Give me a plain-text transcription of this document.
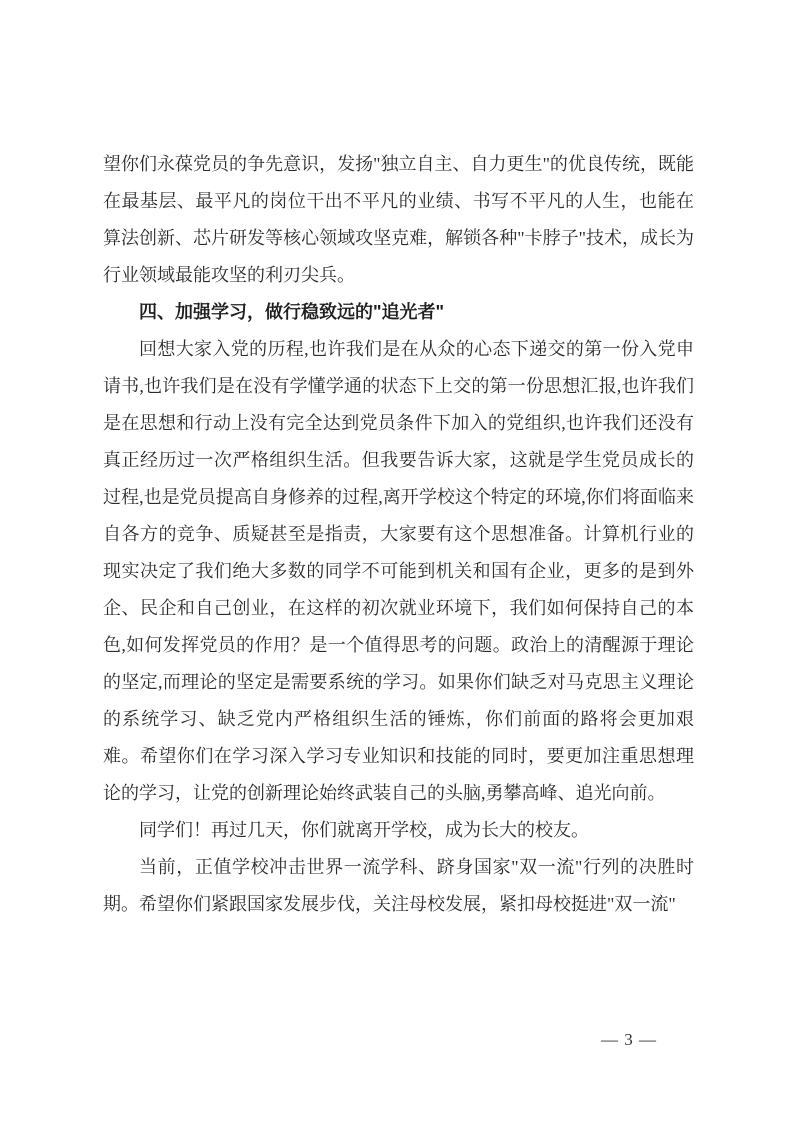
望你们永葆党员的争先意识，发扬"独立自主、自力更生"的优良传统，既能在最基层、最平凡的岗位干出不平凡的业绩、书写不平凡的人生，也能在算法创新、芯片研发等核心领域攻坚克难，解锁各种"卡脖子"技术，成长为行业领域最能攻坚的利刃尖兵。

四、加强学习，做行稳致远的"追光者"

回想大家入党的历程,也许我们是在从众的心态下递交的第一份入党申请书,也许我们是在没有学懂学通的状态下上交的第一份思想汇报,也许我们是在思想和行动上没有完全达到党员条件下加入的党组织,也许我们还没有真正经历过一次严格组织生活。但我要告诉大家，这就是学生党员成长的过程,也是党员提高自身修养的过程,离开学校这个特定的环境,你们将面临来自各方的竞争、质疑甚至是指责，大家要有这个思想准备。计算机行业的现实决定了我们绝大多数的同学不可能到机关和国有企业，更多的是到外企、民企和自己创业，在这样的初次就业环境下，我们如何保持自己的本色,如何发挥党员的作用？是一个值得思考的问题。政治上的清醒源于理论的坚定,而理论的坚定是需要系统的学习。如果你们缺乏对马克思主义理论的系统学习、缺乏党内严格组织生活的锤炼，你们前面的路将会更加艰难。希望你们在学习深入学习专业知识和技能的同时，要更加注重思想理论的学习，让党的创新理论始终武装自己的头脑,勇攀高峰、追光向前。

同学们！再过几天，你们就离开学校，成为长大的校友。

当前，正值学校冲击世界一流学科、跻身国家"双一流"行列的决胜时期。希望你们紧跟国家发展步伐，关注母校发展，紧扣母校挺进"双一流"

— 3 —
